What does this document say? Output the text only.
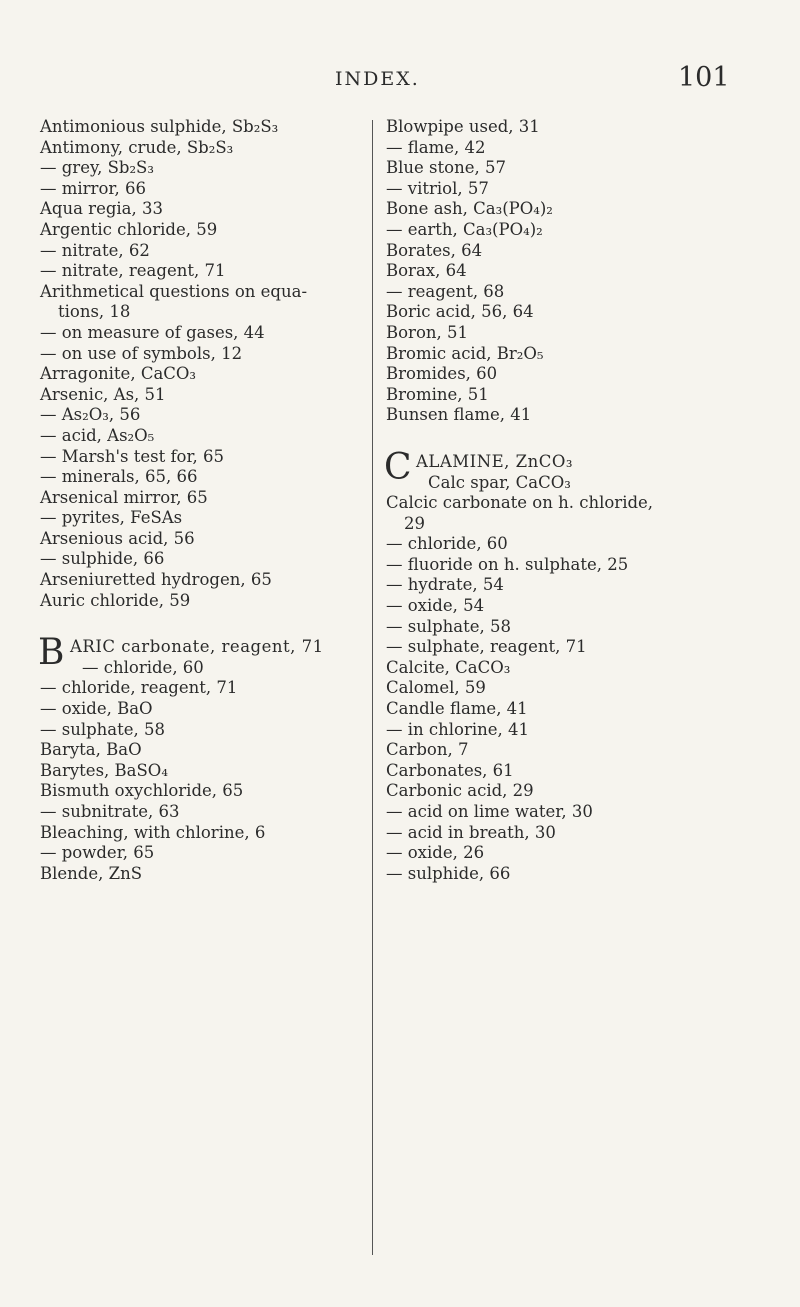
INDEX.	101
Antimonious sulphide, Sb₂S₃
Antimony, crude, Sb₂S₃
— grey, Sb₂S₃
— mirror, 66
Aqua regia, 33
Argentic chloride, 59
— nitrate, 62
— nitrate, reagent, 71
Arithmetical questions on equa-
tions, 18
— on measure of gases, 44
— on use of symbols, 12
Arragonite, CaCO₃
Arsenic, As, 51
— As₂O₃, 56
— acid, As₂O₅
— Marsh's test for, 65
— minerals, 65, 66
Arsenical mirror, 65
— pyrites, FeSAs
Arsenious acid, 56
— sulphide, 66
Arseniuretted hydrogen, 65
Auric chloride, 59
B ARIC carbonate, reagent, 71
— chloride, 60
— chloride, reagent, 71
— oxide, BaO
— sulphate, 58
Baryta, BaO
Barytes, BaSO₄
Bismuth oxychloride, 65
— subnitrate, 63
Bleaching, with chlorine, 6
— powder, 65
Blende, ZnS
Blowpipe used, 31
— flame, 42
Blue stone, 57
— vitriol, 57
Bone ash, Ca₃(PO₄)₂
— earth, Ca₃(PO₄)₂
Borates, 64
Borax, 64
— reagent, 68
Boric acid, 56, 64
Boron, 51
Bromic acid, Br₂O₅
Bromides, 60
Bromine, 51
Bunsen flame, 41
C ALAMINE, ZnCO₃
Calc spar, CaCO₃
Calcic carbonate on h. chloride,
29
— chloride, 60
— fluoride on h. sulphate, 25
— hydrate, 54
— oxide, 54
— sulphate, 58
— sulphate, reagent, 71
Calcite, CaCO₃
Calomel, 59
Candle flame, 41
— in chlorine, 41
Carbon, 7
Carbonates, 61
Carbonic acid, 29
— acid on lime water, 30
— acid in breath, 30
— oxide, 26
— sulphide, 66
